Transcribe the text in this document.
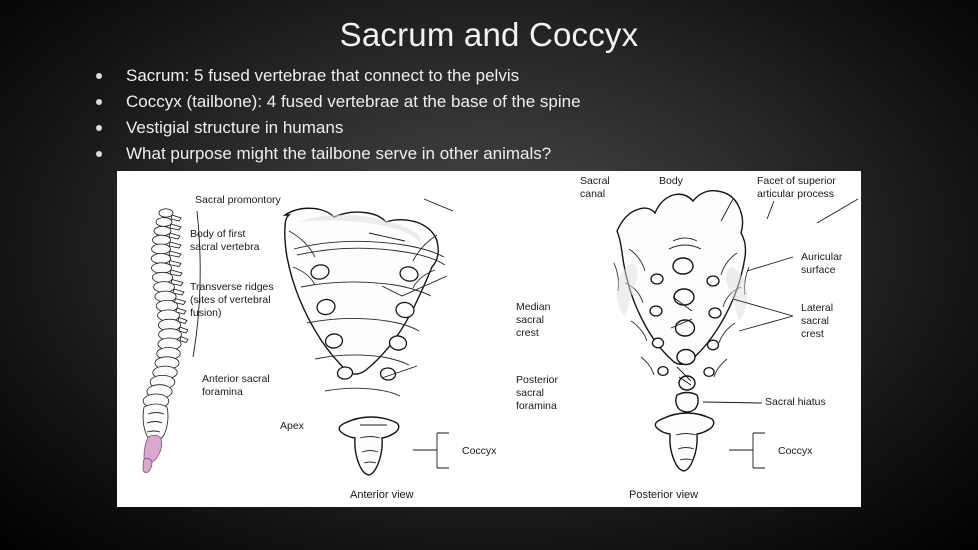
Sacrum and Coccyx
Sacrum: 5 fused vertebrae that connect to the pelvis
Coccyx (tailbone): 4 fused vertebrae at the base of the spine
Vestigial structure in humans
What purpose might the tailbone serve in other animals?
Sacral promontory
Body of first
sacral vertebra
Transverse ridges
(sites of vertebral
fusion)
Anterior sacral
foramina
Apex
Coccyx
Anterior view
Sacral
canal
Body	Facet of superior
articular process
Auricular
surface
Lateral
sacral
crest
Median
sacral
crest
Posterior
sacral
foramina	Sacral hiatus
Coccyx
Posterior view
